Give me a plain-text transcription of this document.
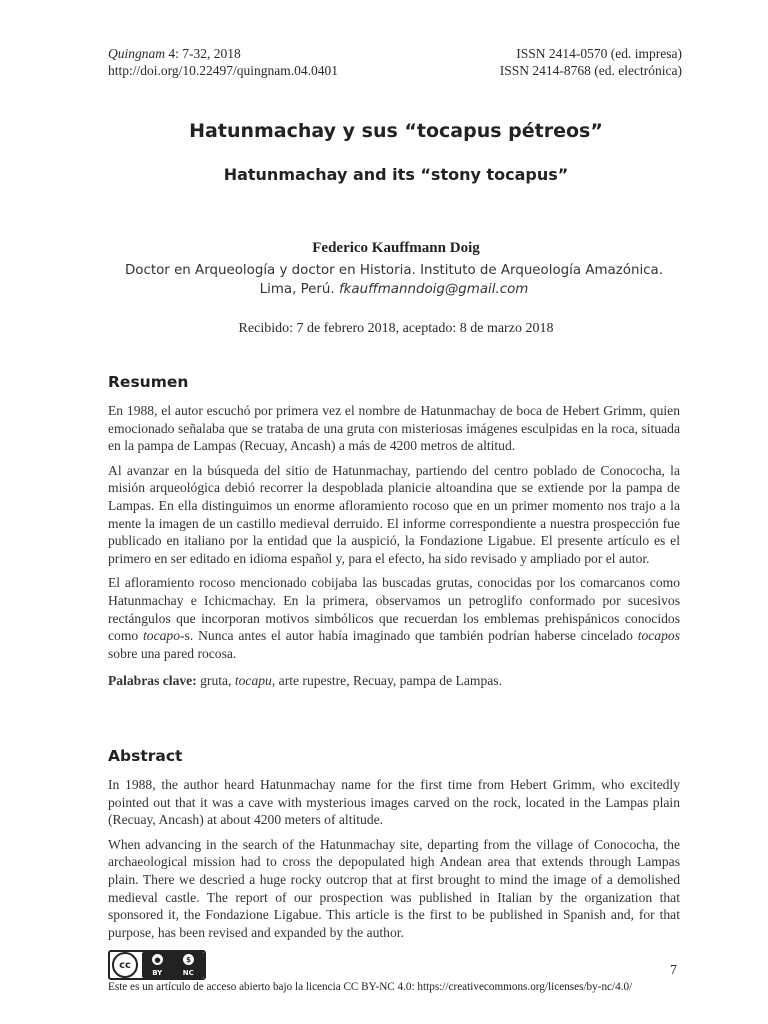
Quingnam 4: 7-32, 2018
http://doi.org/10.22497/quingnam.04.0401
ISSN 2414-0570 (ed. impresa)
ISSN 2414-8768 (ed. electrónica)
Hatunmachay y sus “tocapus pétreos”
Hatunmachay and its “stony tocapus”
Federico Kauffmann Doig
Doctor en Arqueología y doctor en Historia. Instituto de Arqueología Amazónica. Lima, Perú. fkauffmanndoig@gmail.com
Recibido: 7 de febrero 2018, aceptado: 8 de marzo 2018
Resumen

En 1988, el autor escuchó por primera vez el nombre de Hatunmachay de boca de Hebert Grimm, quien emocionado señalaba que se trataba de una gruta con misteriosas imágenes esculpidas en la roca, situada en la pampa de Lampas (Recuay, Ancash) a más de 4200 metros de altitud.

Al avanzar en la búsqueda del sitio de Hatunmachay, partiendo del centro poblado de Conococha, la misión arqueológica debió recorrer la despoblada planicie altoandina que se extiende por la pampa de Lampas. En ella distinguimos un enorme afloramiento rocoso que en un primer momento nos trajo a la mente la imagen de un castillo medieval derruido. El informe correspondiente a nuestra prospección fue publicado en italiano por la entidad que la auspició, la Fondazione Ligabue. El presente artículo es el primero en ser editado en idioma español y, para el efecto, ha sido revisado y ampliado por el autor.

El afloramiento rocoso mencionado cobijaba las buscadas grutas, conocidas por los comarcanos como Hatunmachay e Ichicmachay. En la primera, observamos un petroglifo conformado por sucesivos rectángulos que incorporan motivos simbólicos que recuerdan los emblemas prehispánicos conocidos como tocapo-s. Nunca antes el autor había imaginado que también podrían haberse cincelado tocapos sobre una pared rocosa.

Palabras clave: gruta, tocapu, arte rupestre, Recuay, pampa de Lampas.

Abstract

In 1988, the author heard Hatunmachay name for the first time from Hebert Grimm, who excitedly pointed out that it was a cave with mysterious images carved on the rock, located in the Lampas plain (Recuay, Ancash) at about 4200 meters of altitude.

When advancing in the search of the Hatunmachay site, departing from the village of Conococha, the archaeological mission had to cross the depopulated high Andean area that extends through Lampas plain. There we descried a huge rocky outcrop that at first brought to mind the image of a demolished medieval castle. The report of our prospection was published in Italian by the organization that sponsored it, the Fondazione Ligabue. This article is the first to be published in Spanish and, for that purpose, has been revised and expanded by the author.

cc	●	$
BY	NC	7
Este es un artículo de acceso abierto bajo la licencia CC BY-NC 4.0: https://creativecommons.org/licenses/by-nc/4.0/
